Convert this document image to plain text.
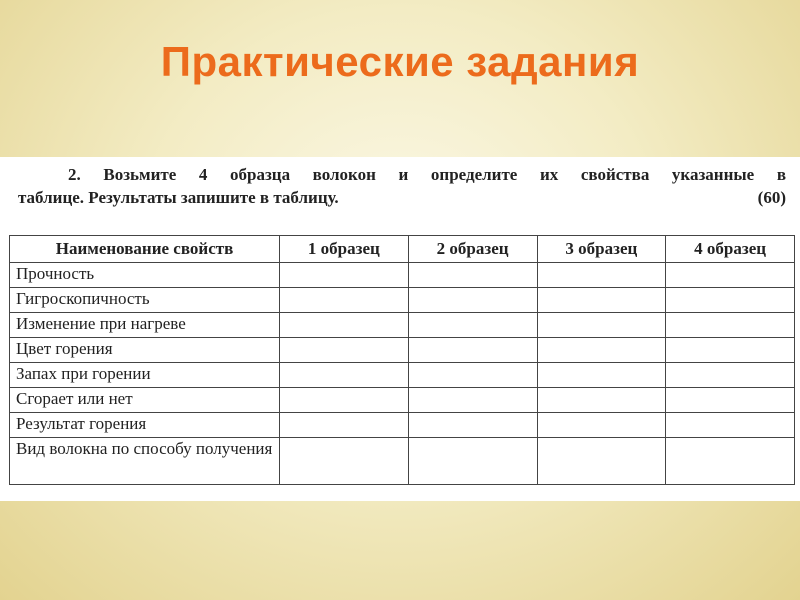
Практические задания
2. Возьмите 4 образца волокон и определите их свойства указанные в
таблице. Результаты запишите в таблицу.	(60)
Наименование свойств	1 образец	2 образец	3 образец	4 образец
Прочность				
Гигроскопичность				
Изменение при нагреве				
Цвет горения				
Запах при горении				
Сгорает или нет				
Результат горения				
Вид волокна по способу получения				
